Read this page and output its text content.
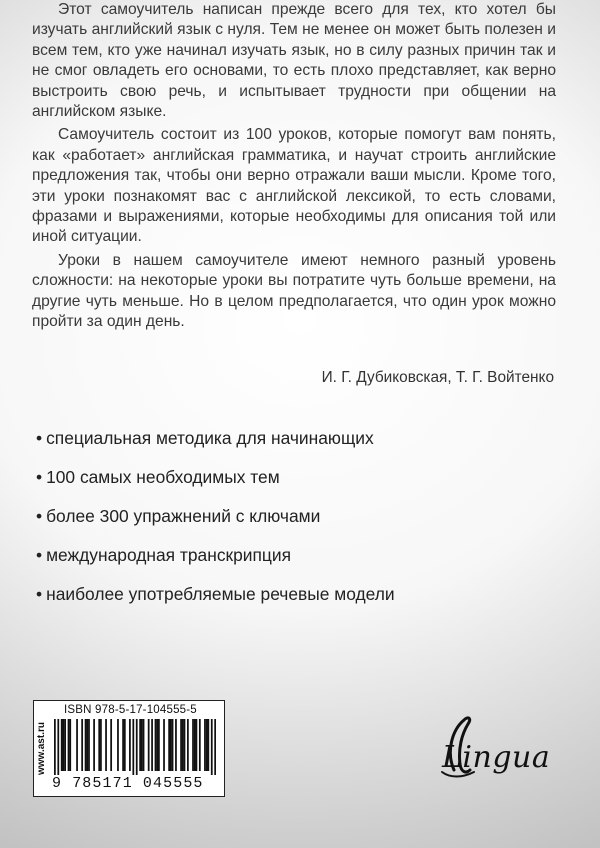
Этот самоучитель написан прежде всего для тех, кто хотел бы изучать английский язык с нуля. Тем не менее он может быть полезен и всем тем, кто уже начинал изучать язык, но в силу разных причин так и не смог овладеть его основами, то есть плохо представляет, как верно выстроить свою речь, и испытывает трудности при общении на английском языке.

Самоучитель состоит из 100 уроков, которые помогут вам понять, как «работает» английская грамматика, и научат строить английские предложения так, чтобы они верно отражали ваши мысли. Кроме того, эти уроки познакомят вас с английской лексикой, то есть словами, фразами и выражениями, которые необходимы для описания той или иной ситуации.

Уроки в нашем самоучителе имеют немного разный уровень сложности: на некоторые уроки вы потратите чуть больше времени, на другие чуть меньше. Но в целом предполагается, что один урок можно пройти за один день.

И. Г. Дубиковская, Т. Г. Войтенко
• специальная методика для начинающих
• 100 самых необходимых тем
• более 300 упражнений с ключами
• международная транскрипция
• наиболее употребляемые речевые модели
www.ast.ru
ISBN 978-5-17-104555-5
9 785171 045555
Lingua
